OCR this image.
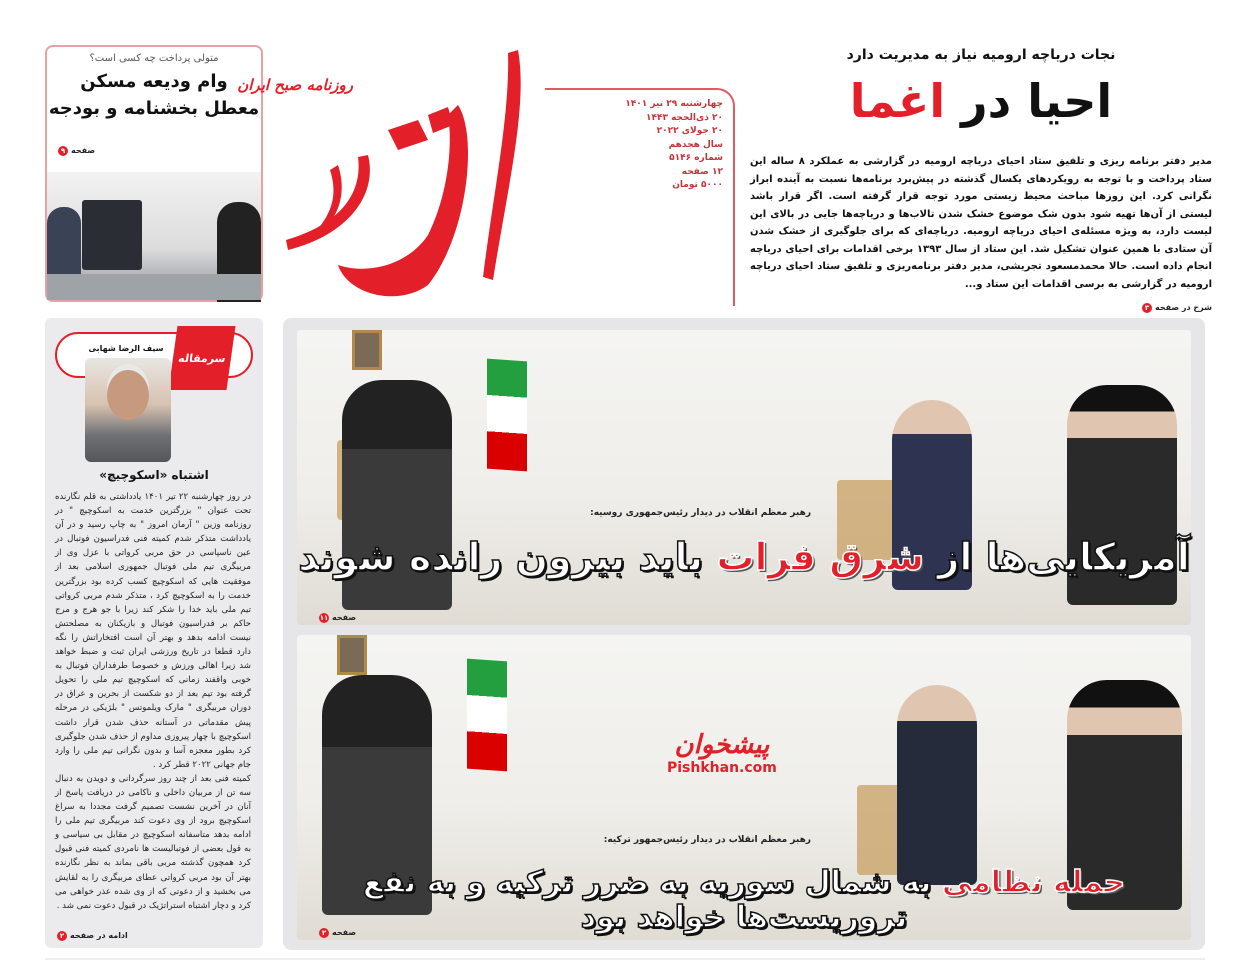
متولی پرداخت چه کسی است؟
وام ودیعه مسکن
معطل بخشنامه و بودجه
صفحه
۹
روزنامه صبح ایران
چهارشنبه ۲۹ تیر ۱۴۰۱
۲۰ ذی‌الحجه ۱۴۴۳
۲۰ جولای ۲۰۲۲
سال هجدهم
شماره ۵۱۴۶
۱۲ صفحه
۵۰۰۰ تومان
نجات دریاچه ارومیه نیاز به مدیریت دارد
احیا در اغما
مدیر دفتر برنامه ریزی و تلفیق ستاد احیای دریاچه ارومیه در گزارشی به عملکرد ۸ ساله این ستاد پرداخت و با توجه به رویکردهای یکسال گذشته در پیش‌برد برنامه‌ها نسبت به آینده ابراز نگرانی کرد. این روزها مباحث محیط زیستی مورد توجه قرار گرفته است. اگر قرار باشد لیستی از آن‌ها تهیه شود بدون شک موضوع خشک شدن تالاب‌ها و دریاچه‌ها جایی در بالای این لیست دارد، به ویژه مسئله‌ی احیای دریاچه ارومیه. دریاچه‌ای که برای جلوگیری از خشک شدن آن ستادی با همین عنوان تشکیل شد. این ستاد از سال ۱۳۹۳ برخی اقدامات برای احیای دریاچه انجام داده است. حالا محمدمسعود تجریشی، مدیر دفتر برنامه‌ریزی و تلفیق ستاد احیای دریاچه ارومیه در گزارشی به برسی اقدامات این ستاد و...
شرح در صفحه
۳
سرمقاله
سیف الرضا شهابی
اشتباه «اسکوچیچ»

در روز چهارشنبه ۲۲ تیر ۱۴۰۱ یادداشتی به قلم نگارنده تحت عنوان " بزرگترین خدمت به اسکوچیچ " در روزنامه وزین " آرمان امروز " به چاپ رسید و در آن یادداشت متذکر شدم کمیته فنی فدراسیون فوتبال در عین ناسپاسی در حق مربی کرواتی با عزل وی از مربیگری تیم ملی فوتبال جمهوری اسلامی بعد از موفقیت هایی که اسکوچیچ کسب کرده بود بزرگترین خدمت را به اسکوچیچ کرد ، متذکر شدم مربی کرواتی تیم ملی باید خدا را شکر کند زیرا با جو هرج و مرج حاکم بر فدراسیون فوتبال و بازیکنان به مصلحتش نیست ادامه بدهد و بهتر آن است افتخاراتش را نگه دارد قطعا در تاریخ ورزشی ایران ثبت و ضبط خواهد شد زیرا اهالی ورزش و خصوصا طرفداران فوتبال به خوبی واقفند زمانی که اسکوچیچ تیم ملی را تحویل گرفته بود تیم بعد از دو شکست از بحرین و عراق در دوران مربیگری " مارک ویلموتس " بلژیکی در مرحله پیش مقدماتی در آستانه حذف شدن قرار داشت اسکوچیچ با چهار پیروزی مداوم از حذف شدن جلوگیری کرد بطور معجزه آسا و بدون نگرانی تیم ملی را وارد جام جهانی ۲۰۲۲ قطر کرد .

کمیته فنی بعد از چند روز سرگردانی و دویدن به دنبال سه تن از مربیان داخلی و ناکامی در دریافت پاسخ از آنان در آخرین نشست تصمیم گرفت مجددا به سراغ اسکوچیچ برود از وی دعوت کند مربیگری تیم ملی را ادامه بدهد متاسفانه اسکوچیچ در مقابل بی سیاسی و به قول بعضی از فوتبالیست ها نامردی کمیته فنی قبول کرد همچون گذشته مربی باقی بماند به نظر نگارنده بهتر آن بود مربی کرواتی عطای مربیگری را به لقایش می بخشید و از دعوتی که از وی شده عذر خواهی می کرد و دچار اشتباه استراتژیک در قبول دعوت نمی شد .

ادامه در صفحه
۲
رهبر معظم انقلاب در دیدار رئیس‌جمهوری روسیه:
آمریکایی‌ها از شرق فرات باید بیرون رانده شوند
صفحه
۱۱
پیشخوان
Pishkhan.com
رهبر معظم انقلاب در دیدار رئیس‌جمهور ترکیه:
حمله نظامی به شمال سوریه به ضرر ترکیه و به نفع تروریست‌ها خواهد بود
صفحه
۲
